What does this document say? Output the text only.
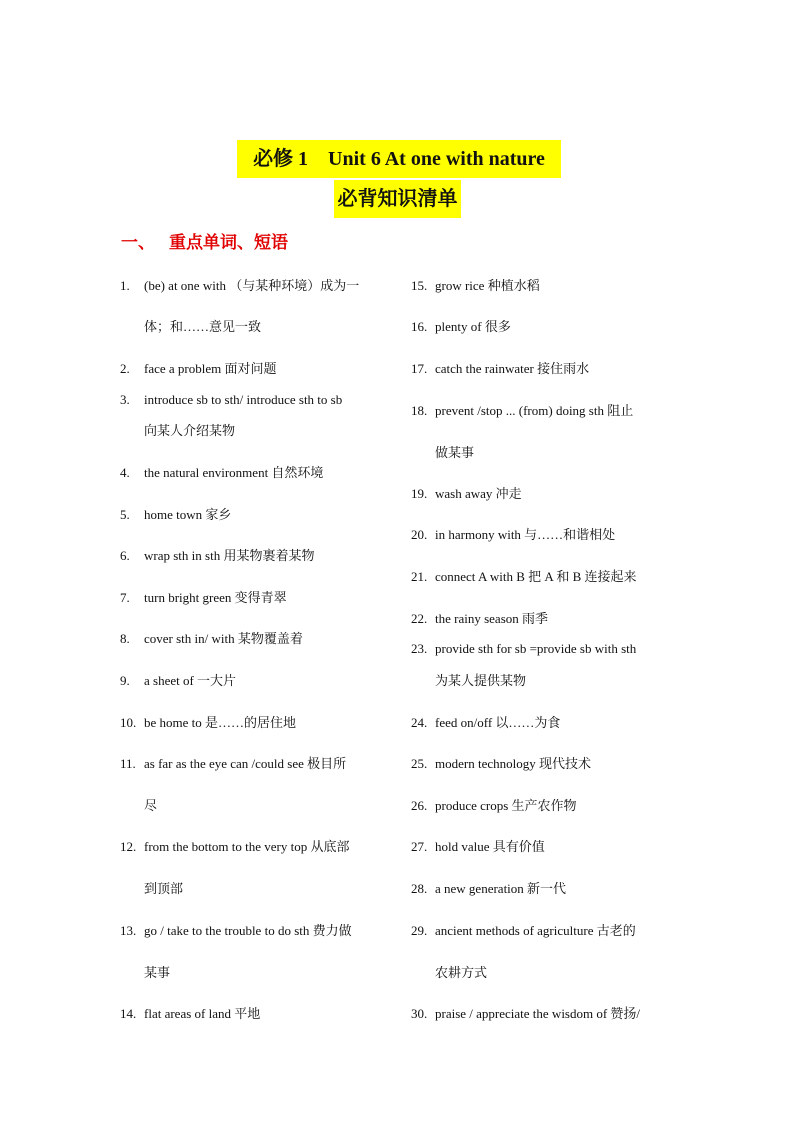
必修 1　Unit 6 At one with nature
必背知识清单
一、 重点单词、短语
1. (be) at one with （与某种环境）成为一
体；和……意见一致
2. face a problem 面对问题
3. introduce sb to sth/ introduce sth to sb
向某人介绍某物
4. the natural environment 自然环境
5. home town 家乡
6. wrap sth in sth 用某物裹着某物
7. turn bright green 变得青翠
8. cover sth in/ with 某物覆盖着
9. a sheet of 一大片
10. be home to 是……的居住地
11. as far as the eye can /could see 极目所
尽
12. from the bottom to the very top 从底部
到顶部
13. go / take to the trouble to do sth 费力做
某事
14. flat areas of land 平地
15. grow rice 种植水稻
16. plenty of 很多
17. catch the rainwater 接住雨水
18. prevent /stop ... (from) doing sth 阻止
做某事
19. wash away 冲走
20. in harmony with 与……和谐相处
21. connect A with B 把 A 和 B 连接起来
22. the rainy season 雨季
23. provide sth for sb =provide sb with sth
为某人提供某物
24. feed on/off 以……为食
25. modern technology 现代技术
26. produce crops 生产农作物
27. hold value 具有价值
28. a new generation 新一代
29. ancient methods of agriculture 古老的
农耕方式
30. praise / appreciate the wisdom of 赞扬/
